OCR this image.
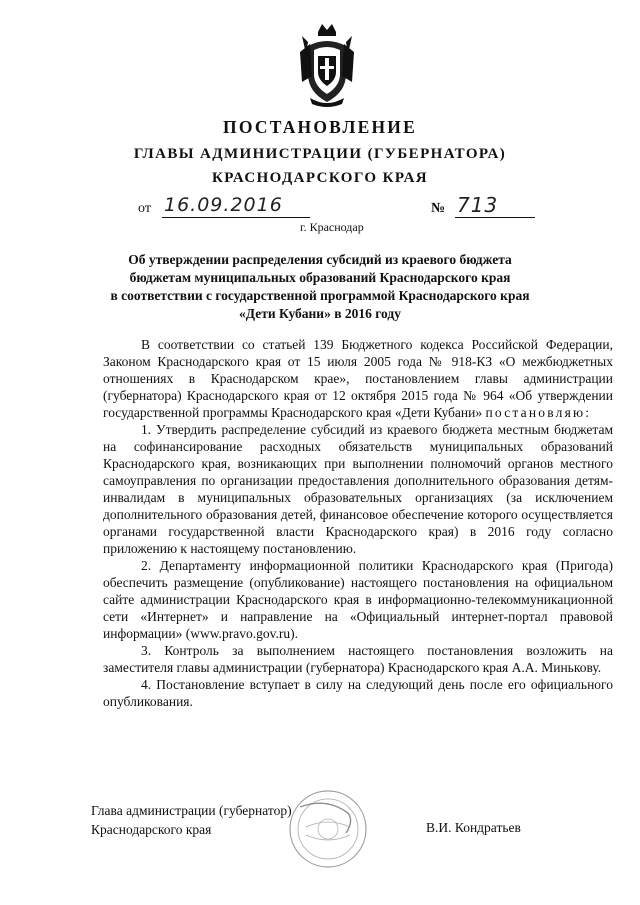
ПОСТАНОВЛЕНИЕ
ГЛАВЫ АДМИНИСТРАЦИИ (ГУБЕРНАТОРА)
КРАСНОДАРСКОГО КРАЯ
от 16.09.2016	№ 713
г. Краснодар
Об утверждении распределения субсидий из краевого бюджета
бюджетам муниципальных образований Краснодарского края
в соответствии с государственной программой Краснодарского края
«Дети Кубани» в 2016 году

В соответствии со статьей 139 Бюджетного кодекса Российской Федерации, Законом Краснодарского края от 15 июля 2005 года № 918-КЗ «О межбюджетных отношениях в Краснодарском крае», постановлением главы администрации (губернатора) Краснодарского края от 12 октября 2015 года № 964 «Об утверждении государственной программы Краснодарского края «Дети Кубани» постановляю:

1. Утвердить распределение субсидий из краевого бюджета местным бюджетам на софинансирование расходных обязательств муниципальных образований Краснодарского края, возникающих при выполнении полномочий органов местного самоуправления по организации предоставления дополнительного образования детям-инвалидам в муниципальных образовательных организациях (за исключением дополнительного образования детей, финансовое обеспечение которого осуществляется органами государственной власти Краснодарского края) в 2016 году согласно приложению к настоящему постановлению.

2. Департаменту информационной политики Краснодарского края (Пригода) обеспечить размещение (опубликование) настоящего постановления на официальном сайте администрации Краснодарского края в информационно-телекоммуникационной сети «Интернет» и направление на «Официальный интернет-портал правовой информации» (www.pravo.gov.ru).

3. Контроль за выполнением настоящего постановления возложить на заместителя главы администрации (губернатора) Краснодарского края А.А. Минькову.

4. Постановление вступает в силу на следующий день после его официального опубликования.

Глава администрации (губернатор)
Краснодарского края	В.И. Кондратьев
